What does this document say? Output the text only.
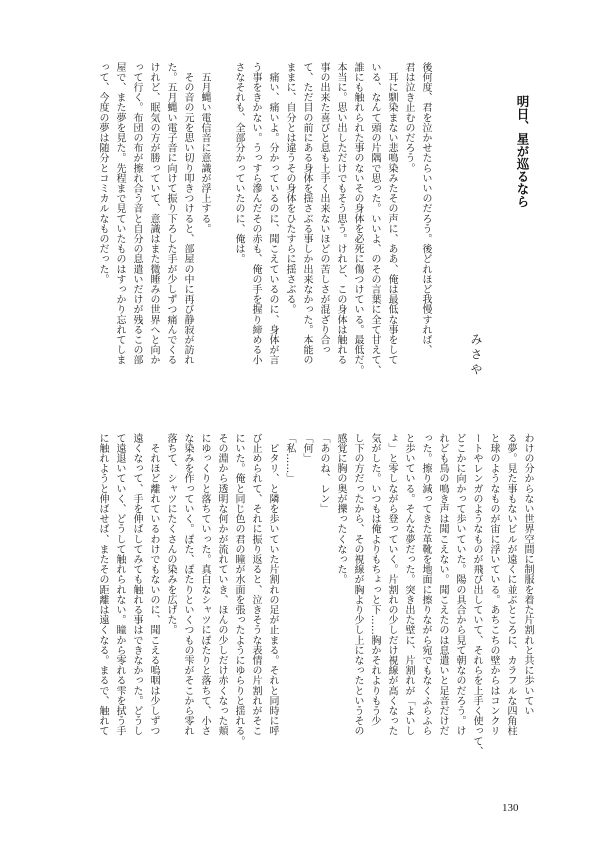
明日、星が巡るなら
みさや
後何度、君を泣かせたらいいのだろう。後どれほど我慢すれば、
君は泣き止むのだろう。
　耳に馴染まない悲鳴染みたその声に、ああ、俺は最低な事をして
いる、なんて頭の片隅で思った。いいよ、のその言葉に全て甘えて、
誰にも触れられた事のないその身体を必死に傷つけている。最低だ。
本当に。思い出しただけでもそう思う。けれど、この身体は触れる
事の出来た喜びと息も上手く出来ないほどの苦しさが混ざり合っ
て、ただ目の前にある身体を揺さぶる事しか出来なかった。本能の
ままに、自分とは違うその身体をひたすらに揺さぶる。
　痛い、痛いよ。分かっているのに、聞こえているのに、身体が言
う事をきかない。うっすら滲んだその赤も、俺の手を握り締める小
さなそれも、全部分かっていたのに、俺は。
　五月蝿い電信音に意識が浮上する。
　その音の元を思い切り叩きつけると、部屋の中に再び静寂が訪れ
た。五月蝿い電子音に向けて振り下ろした手が少しずつ痛んでくる
けれど、眠気の方が勝っていて、意識はまた微睡みの世界へと向か
って行く。布団の布が擦れ合う音と自分の息遣いだけが残るこの部
屋で、また夢を見た。先程まで見ていたものはすっかり忘れてしま
って、今度の夢は随分とコミカルなものだった。
わけの分からない世界空間に制服を着た片割れと共に歩いてい
る夢。見た事もないビルが遠くに並ぶところに、カラフルな四角柱
と球のようなものが宙に浮いている。あちこちの壁からはコンクリ
ートやレンガのようなものが飛び出していて、それらを上手く使って、
どこかに向かって歩いていた。陽の具合から見て朝なのだろう。け
れども鳥の鳴き声は聞こえない。聞こえたのは息遣いと足音だけだ
った。擦り減ってきた革靴を地面に擦りながら宛でもなくふらふら
と歩いている。そんな夢だった。突き出た壁に、片割れが「よいし
ょ」と零しながら登っていく。片割れの少しだけ視線が高くなった
気がした。いつもは俺よりもちょっと下……胸かそれよりもう少
し下の方だったから、その視線が胸より少し上になったというその
感覚に胸の奥が擽ったくなった。
「あのね、レン」
「何」
「私……」
　ピタリ、と隣を歩いていた片割れの足が止まる。それと同時に呼
び止められて、それに振り返ると、泣きそうな表情の片割れがそこ
にいた。俺と同じ色の君の瞳が水面を張ったようにゆらりと揺れる。
その淵から透明な何かが流れていき、ほんの少しだけ赤くなった頬
にゆっくりと落ちていった。真白なシャツにぽたりと落ちて、小さ
な染みを作っていく。ぽた、ぽたりといくつもの雫がそこから零れ
落ちて、シャツにたくさんの染みを広げた。
　それほど離れているわけでもないのに、聞こえる嗚咽は少しずつ
遠くなって、手を伸ばしてみても触れる事はできなかった。どうし
て遠退いていく、どうして触れられない。瞳から零れる雫を拭う手
に触れようと伸ばせば、またその距離は遠くなる。まるで、触れて
130
